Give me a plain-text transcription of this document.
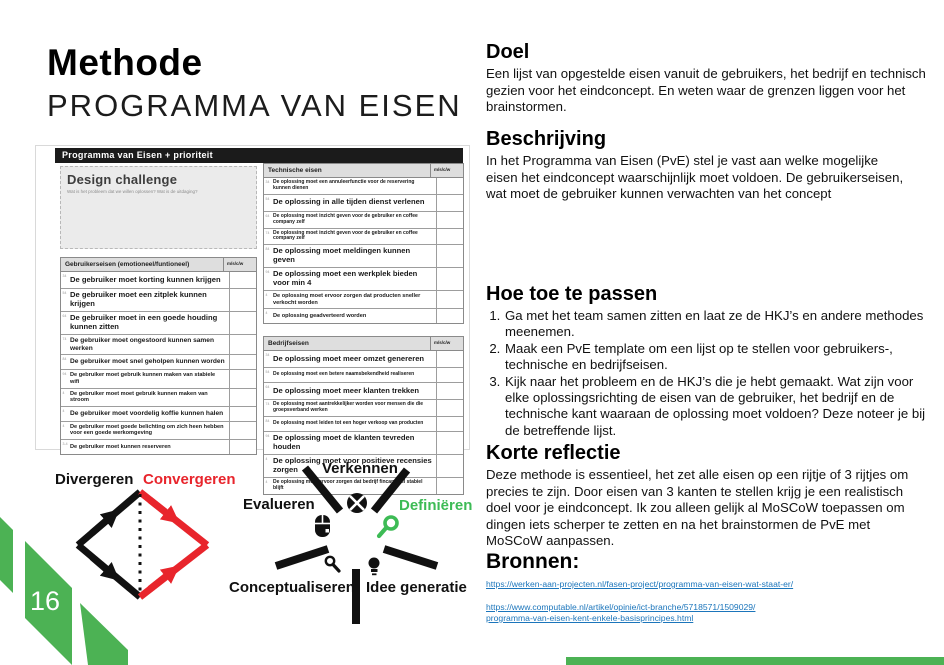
Methode
PROGRAMMA VAN EISEN
Programma van Eisen + prioriteit
Design challenge
Wat is het probleem dat we willen oplossen? Wat is de uitdaging?
Gebruikerseisen (emotioneel/funtioneel)	m/s/c/w
34 De gebruiker moet korting kunnen krijgen
54 De gebruiker moet een zitplek kunnen krijgen
64 De gebruiker moet in een goede houding kunnen zitten
74 De gebruiker moet ongestoord kunnen samen werken
84 De gebruiker moet snel geholpen kunnen worden
94 De gebruiker moet gebruik kunnen maken van stabiele wifi
4 De gebruiker moet moet gebruik kunnen maken van stroom
4 De gebruiker moet voordelig koffie kunnen halen
4 De gebruiker moet goede belichting om zich heen hebben voor een goede werkomgeving
3-4 De gebruiker moet kunnen reserveren
Technische eisen	m/s/c/w
34 De oplossing moet een annuleerfunctie voor de reservering kunnen dienen
54 De oplossing in alle tijden dienst verlenen
64 De oplossing moet inzicht geven voor de gebruiker en coffee company zelf
74 De oplossing moet inzicht geven voor de gebruiker en coffee company zelf
84 De oplossing moet meldingen kunnen geven
94 De oplossing moet een werkplek bieden voor min 4
4 De oplossing moet ervoor zorgen dat producten sneller verkocht worden
4 De oplossing geadverteerd worden
Bedrijfseisen	m/s/c/w
34 De oplossing moet meer omzet genereren
54 De oplossing moet een betere naamsbekendheid realiseren
64 De oplossing moet meer klanten trekken
74 De oplossing moet aantrekkelijker worden voor mensen die die groepsverband werken
84 De oplossing moet leiden tot een hoger verkoop van producten
94 De oplossing moet de klanten tevreden houden
4 De oplossing moet voor positieve recensies zorgen
4 De oplossing moet ervoor zorgen dat bedrijf fincancieel stabiel blijft
Divergeren Convergeren
Verkennen
Evalueren	Definiëren
Conceptualiseren Idee generatie
Doel

Een lijst van opgestelde eisen vanuit de gebruikers, het bedrijf en technisch gezien voor het eindconcept. En weten waar de grenzen liggen voor het brainstormen.

Beschrijving

In het Programma van Eisen (PvE) stel je vast aan welke mogelijke eisen het eindconcept waarschijnlijk moet voldoen. De gebruikerseisen, wat moet de gebruiker kunnen verwachten van het concept

Hoe toe te passen
1. Ga met het team samen zitten en laat ze de HKJ’s en andere methodes meenemen.
2. Maak een PvE template om een lijst op te stellen voor gebruikers-, technische en bedrijfseisen.
3. Kijk naar het probleem en de HKJ’s die je hebt gemaakt. Wat zijn voor elke oplossingsrichting de eisen van de gebruiker, het bedrijf en de technische kant waaraan de oplossing moet voldoen? Deze noteer je bij de betreffende lijst.
Korte reflectie

Deze methode is essentieel, het zet alle eisen op een rijtje of 3 rijtjes om precies te zijn. Door eisen van 3 kanten te stellen krijg je een realistisch doel voor je eindconcept. Ik zou alleen gelijk al MoSCoW toepassen om dingen iets scherper te zetten en na het brainstormen de PvE met MoSCoW aanpassen.

Bronnen:
https://werken-aan-projecten.nl/fasen-project/programma-van-eisen-wat-staat-er/
https://www.computable.nl/artikel/opinie/ict-branche/5718571/1509029/
programma-van-eisen-kent-enkele-basisprincipes.html
16
